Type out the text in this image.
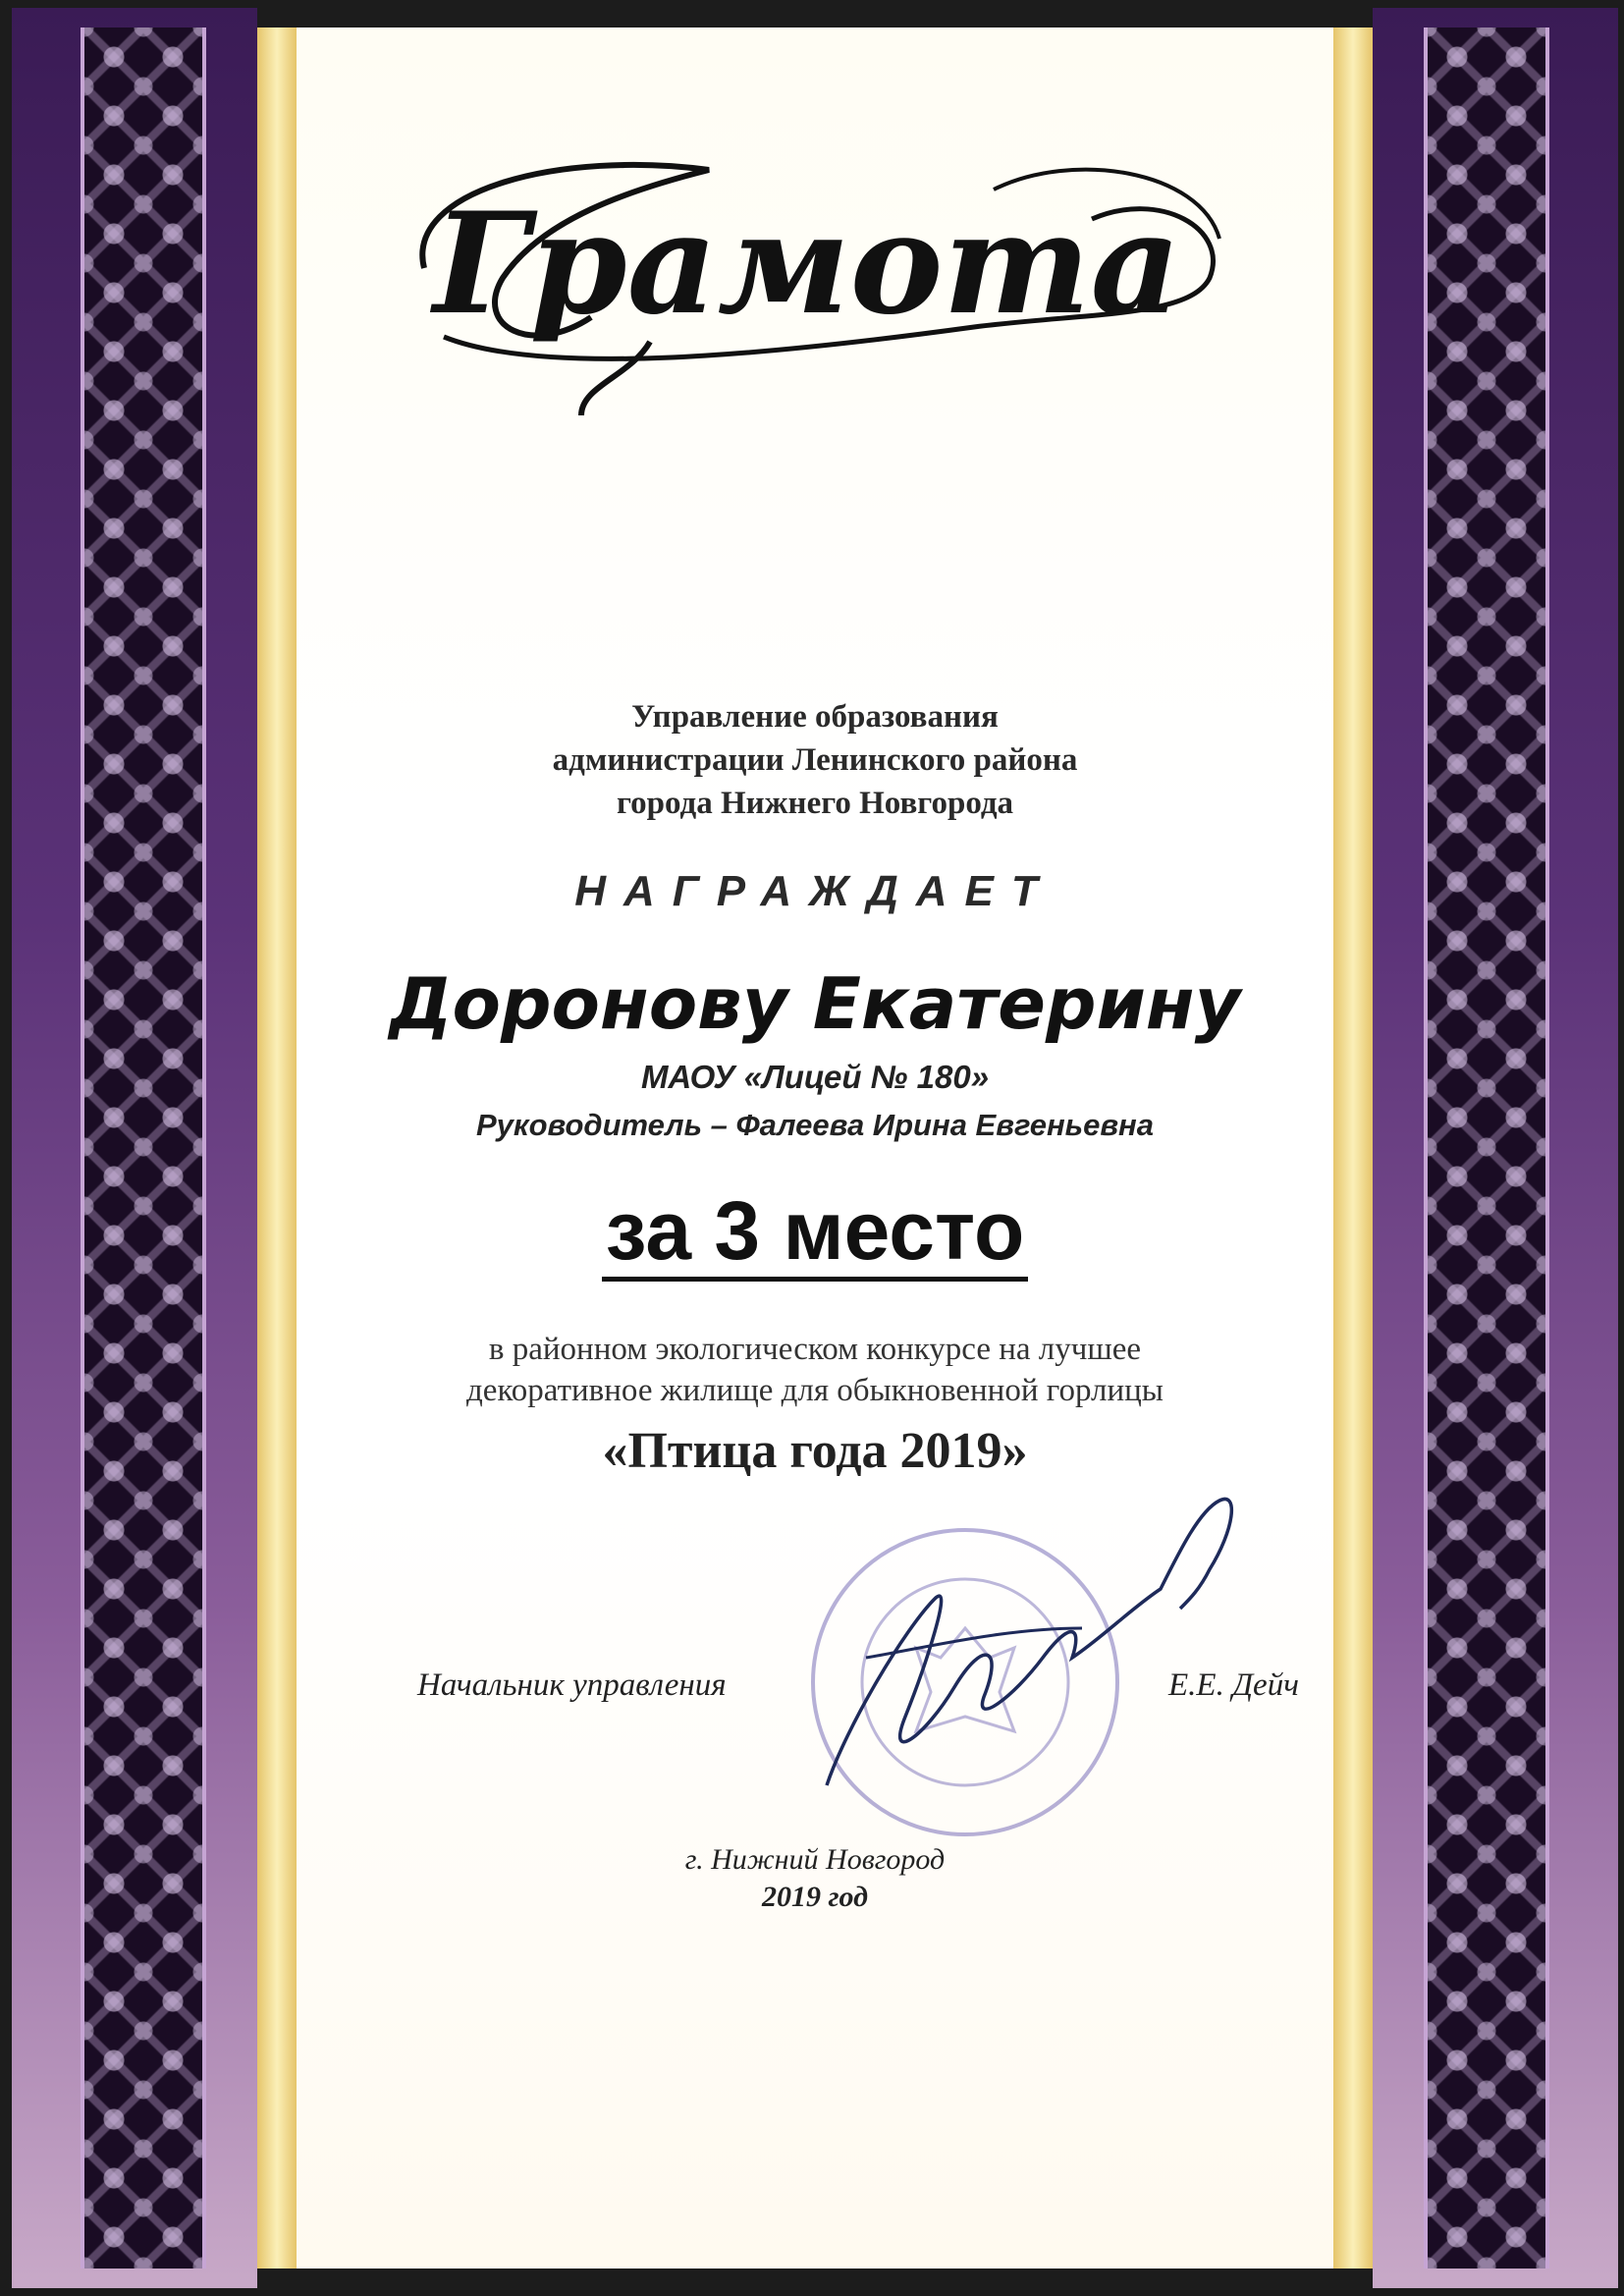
Грамота
Управление образования
администрации Ленинского района
города Нижнего Новгорода
НАГРАЖДАЕТ
Доронову Екатерину
МАОУ «Лицей № 180»
Руководитель – Фалеева Ирина Евгеньевна
за 3 место
в районном экологическом конкурсе на лучшее
декоративное жилище для обыкновенной горлицы
«Птица года 2019»
Начальник управления	Е.Е. Дейч
г. Нижний Новгород
2019 год
